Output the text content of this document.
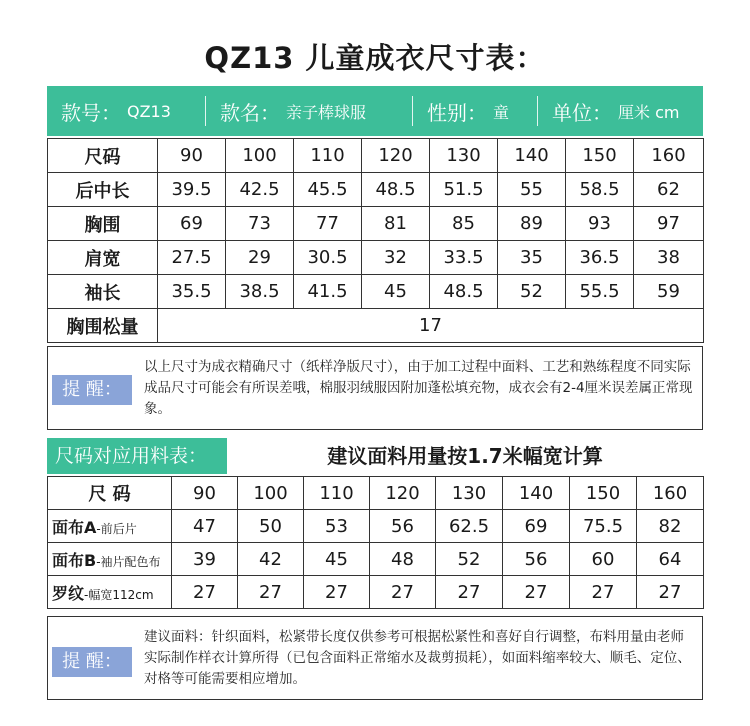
QZ13 儿童成衣尺寸表：
款号： QZ13 款名： 亲子棒球服	性别： 童 单位： 厘米 cm
尺码	90	100	110	120	130	140	150	160
后中长	39.5	42.5	45.5	48.5	51.5	55	58.5	62
胸围	69	73	77	81	85	89	93	97
肩宽	27.5	29	30.5	32	33.5	35	36.5	38
袖长	35.5	38.5	41.5	45	48.5	52	55.5	59
胸围松量	17							
提 醒：
以上尺寸为成衣精确尺寸（纸样净版尺寸），由于加工过程中面料、工艺和熟练程度不同实际成品尺寸可能会有所误差哦，棉服羽绒服因附加蓬松填充物，成衣会有2-4厘米误差属正常现象。
尺码对应用料表：	建议面料用量按1.7米幅宽计算
尺 码	90	100	110	120	130	140	150	160
面布A-前后片	47	50	53	56	62.5	69	75.5	82
面布B-袖片配色布	39	42	45	48	52	56	60	64
罗纹-幅宽112cm	27	27	27	27	27	27	27	27
提 醒：
建议面料：针织面料，松紧带长度仅供参考可根据松紧性和喜好自行调整，布料用量由老师实际制作样衣计算所得（已包含面料正常缩水及裁剪损耗），如面料缩率较大、顺毛、定位、对格等可能需要相应增加。
